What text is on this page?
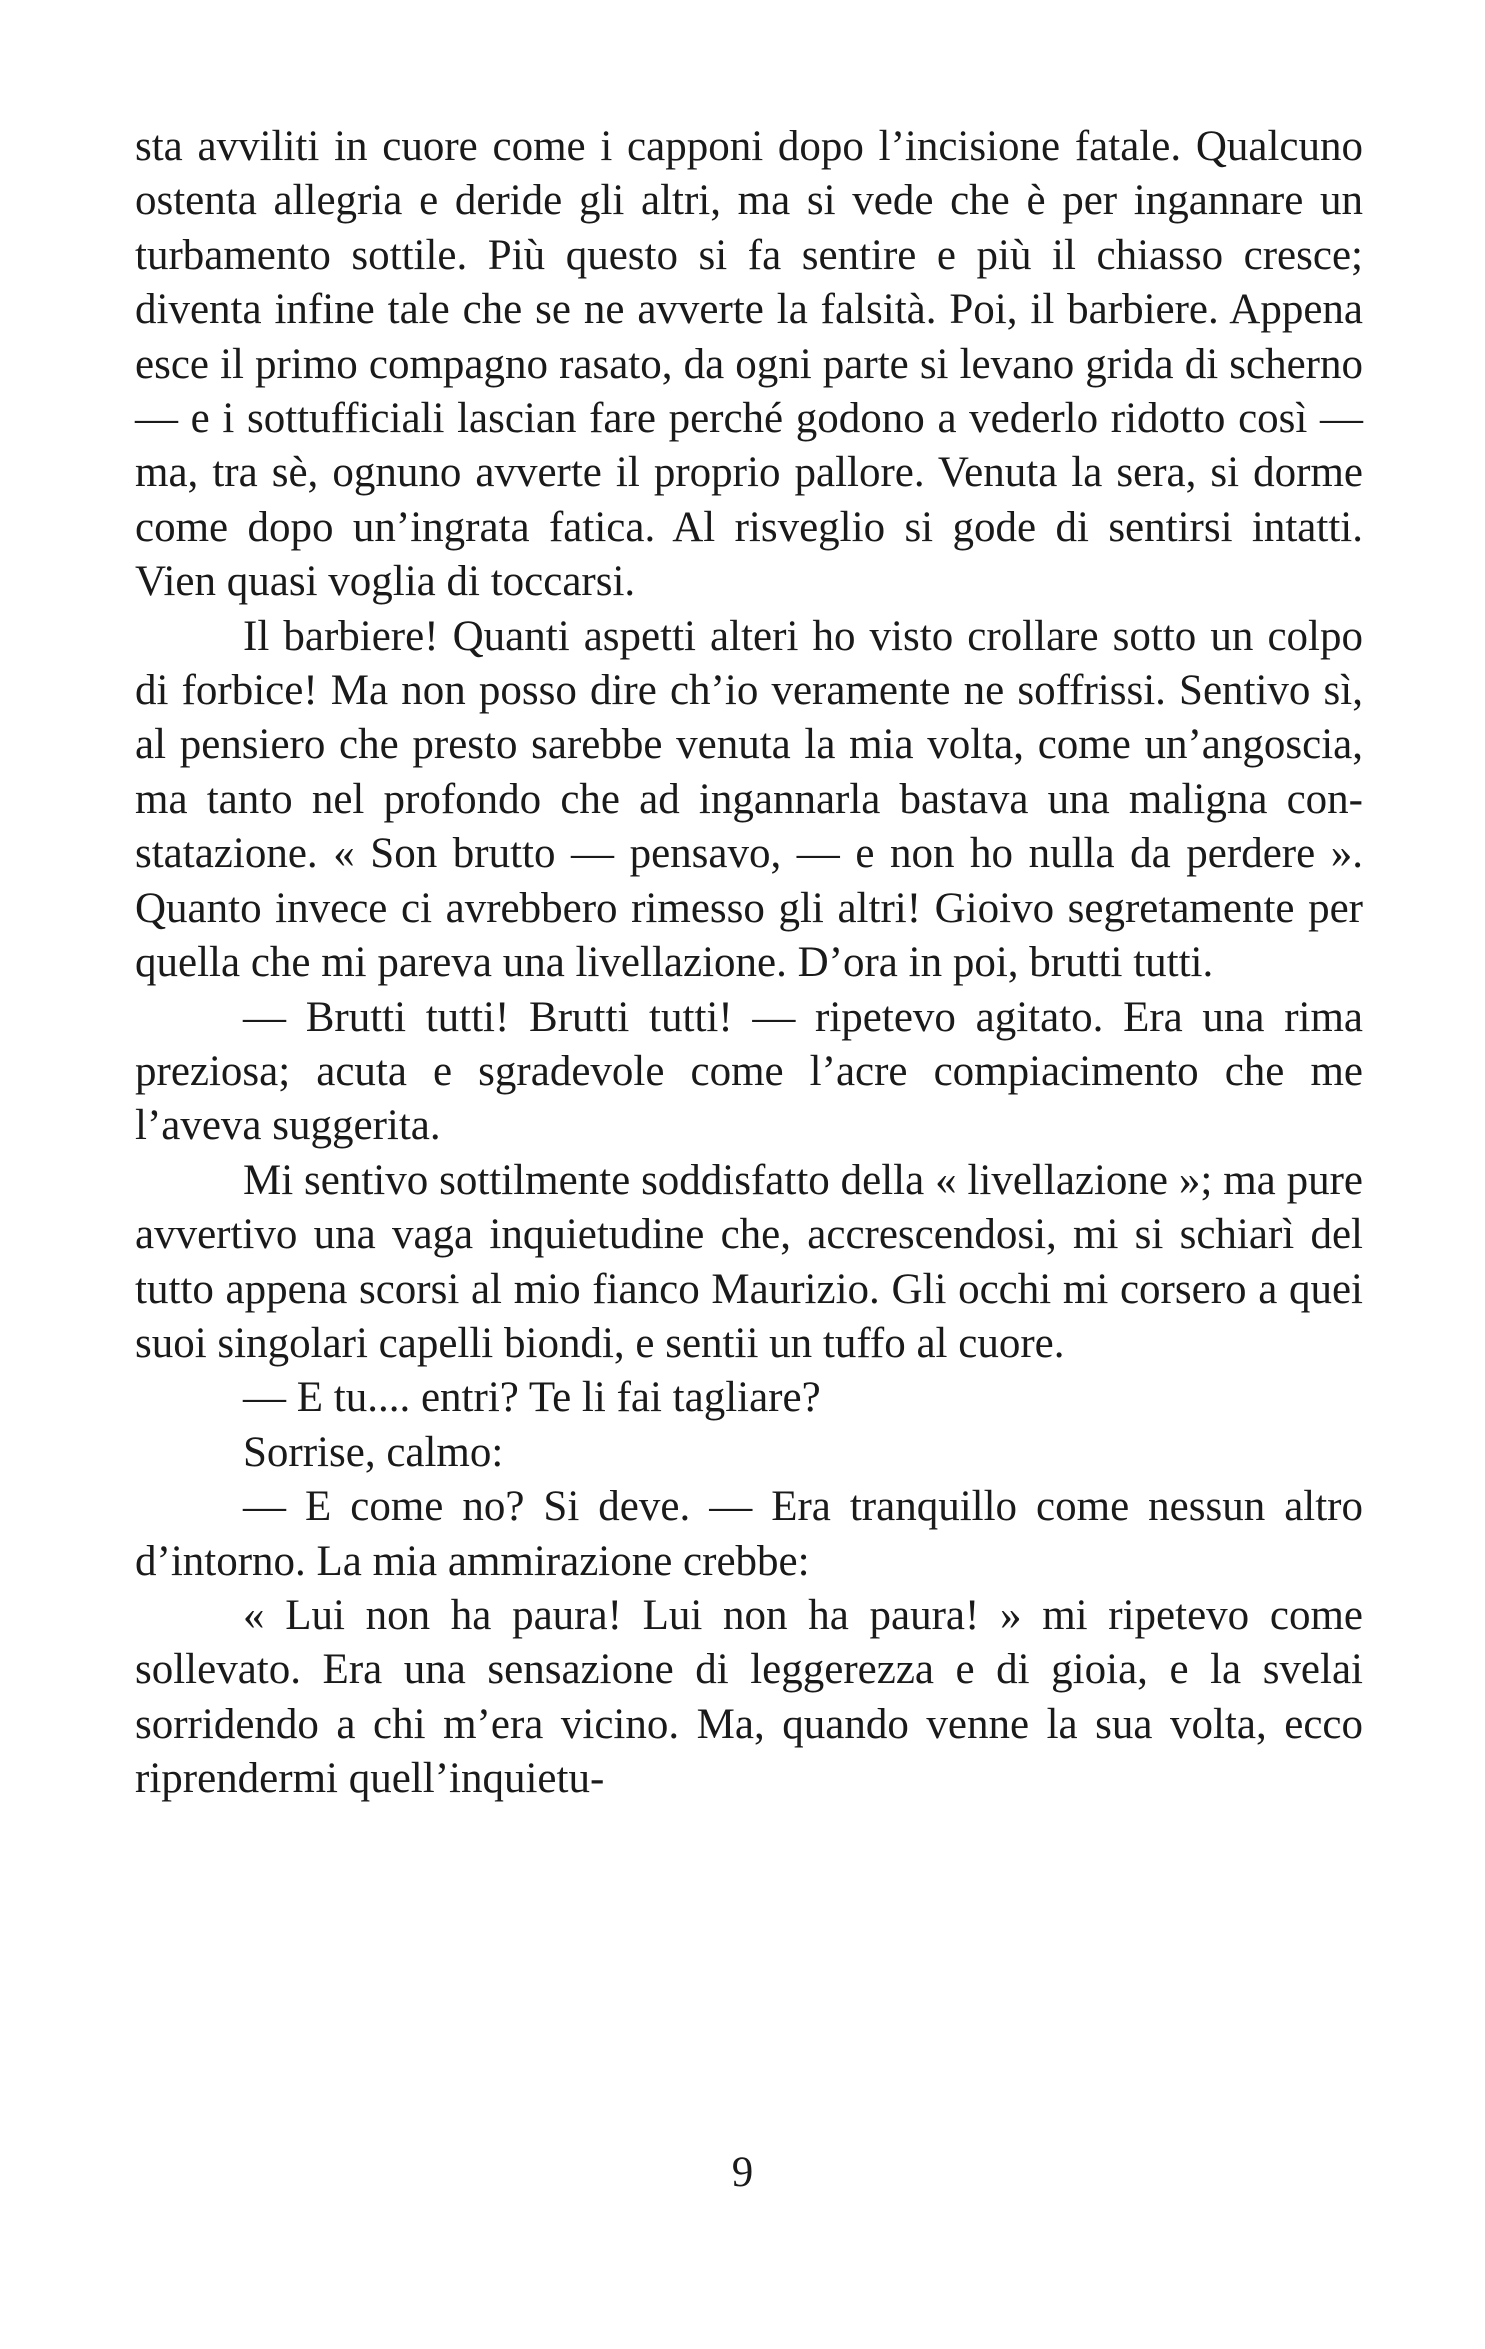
sta avviliti in cuore come i capponi dopo l’incisione fatale. Qualcuno ostenta allegria e deride gli altri, ma si vede che è per ingannare un turbamento sottile. Più questo si fa sentire e più il chiasso cresce; diventa infine tale che se ne avverte la falsità. Poi, il barbiere. Appena esce il primo compagno rasato, da ogni parte si levano grida di scherno — e i sottufficiali lascian fare perché godono a vederlo ridotto così — ma, tra sè, ognuno avverte il proprio pallore. Venuta la sera, si dorme come dopo un’ingrata fatica. Al risveglio si gode di sentirsi intatti. Vien quasi voglia di toccarsi.

Il barbiere! Quanti aspetti alteri ho visto crollare sotto un colpo di forbice! Ma non posso dire ch’io veramente ne soffrissi. Sentivo sì, al pensiero che presto sarebbe venuta la mia volta, come un’angoscia, ma tanto nel profondo che ad ingannarla bastava una maligna constatazione. « Son brutto — pensavo, — e non ho nulla da perdere ». Quanto invece ci avrebbero rimesso gli altri! Gioivo segretamente per quella che mi pareva una livellazione. D’ora in poi, brutti tutti.

— Brutti tutti! Brutti tutti! — ripetevo agitato. Era una rima preziosa; acuta e sgradevole come l’acre compiacimento che me l’aveva suggerita.

Mi sentivo sottilmente soddisfatto della « livellazione »; ma pure avvertivo una vaga inquietudine che, accrescendosi, mi si schiarì del tutto appena scorsi al mio fianco Maurizio. Gli occhi mi corsero a quei suoi singolari capelli biondi, e sentii un tuffo al cuore.

— E tu.... entri? Te li fai tagliare?

Sorrise, calmo:

— E come no? Si deve. — Era tranquillo come nessun altro d’intorno. La mia ammirazione crebbe:

« Lui non ha paura! Lui non ha paura! » mi ripetevo come sollevato. Era una sensazione di leggerezza e di gioia, e la svelai sorridendo a chi m’era vicino. Ma, quando venne la sua volta, ecco riprendermi quell’inquietu-

9
